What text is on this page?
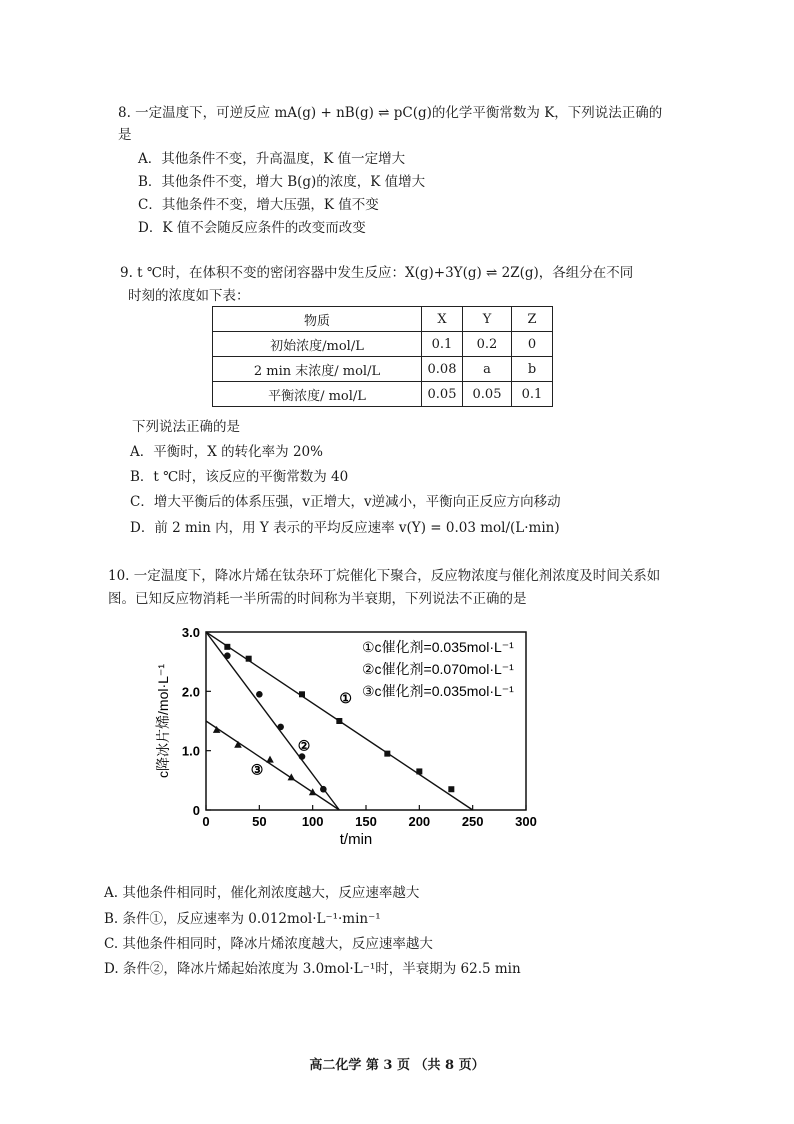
8. 一定温度下，可逆反应 mA(g) + nB(g) ⇌ pC(g)的化学平衡常数为 K，下列说法正确的
是
A．其他条件不变，升高温度，K 值一定增大
B．其他条件不变，增大 B(g)的浓度，K 值增大
C．其他条件不变，增大压强，K 值不变
D．K 值不会随反应条件的改变而改变
9. t ℃时，在体积不变的密闭容器中发生反应：X(g)+3Y(g) ⇌ 2Z(g)，各组分在不同
时刻的浓度如下表：
物质	X	Y	Z
初始浓度/mol/L	0.1	0.2	0
2 min 末浓度/ mol/L	0.08	a	b
平衡浓度/ mol/L	0.05	0.05	0.1
下列说法正确的是
A．平衡时，X 的转化率为 20%
B．t ℃时，该反应的平衡常数为 40
C．增大平衡后的体系压强，v正增大，v逆减小，平衡向正反应方向移动
D．前 2 min 内，用 Y 表示的平均反应速率 v(Y) = 0.03 mol/(L·min)
10. 一定温度下，降冰片烯在钛杂环丁烷催化下聚合，反应物浓度与催化剂浓度及时间关系如
图。已知反应物消耗一半所需的时间称为半衰期，下列说法不正确的是
0	50	100 150 200 250 300
0
1.0
2.0
3.0
t/min
c降冰片烯/mol·L⁻¹	①
②
③
①c催化剂=0.035mol·L⁻¹
②c催化剂=0.070mol·L⁻¹
③c催化剂=0.035mol·L⁻¹
A. 其他条件相同时，催化剂浓度越大，反应速率越大
B. 条件①，反应速率为 0.012mol·L⁻¹·min⁻¹
C. 其他条件相同时，降冰片烯浓度越大，反应速率越大
D. 条件②，降冰片烯起始浓度为 3.0mol·L⁻¹时，半衰期为 62.5 min
高二化学 第 3 页 （共 8 页）
